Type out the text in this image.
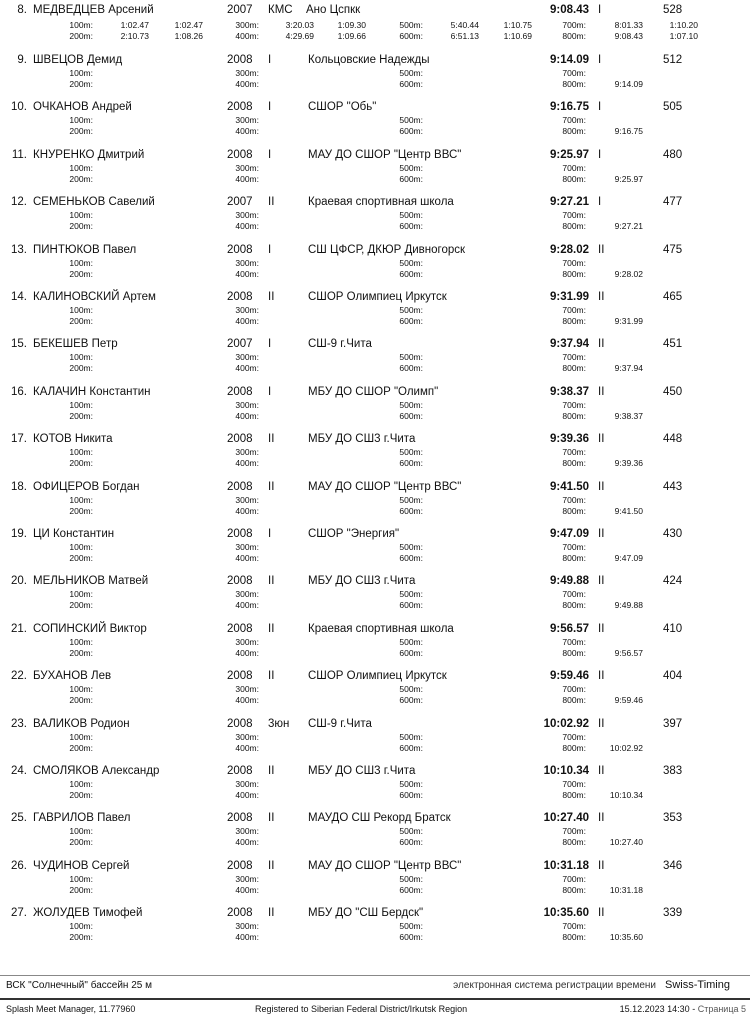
8. МЕДВЕДЦЕВ Арсений	2007 КМС Ано Цспкк	9:08.43 I	528
100m:	1:02.47	1:02.47
200m:	2:10.73	1:08.26
300m:	3:20.03	1:09.30
400m:	4:29.69	1:09.66
500m:	5:40.44	1:10.75
600m:	6:51.13	1:10.69
700m:	8:01.33	1:10.20
800m:	9:08.43	1:07.10
9. ШВЕЦОВ Демид	2008 I	Кольцовские Надежды	9:14.09 I	512
100m:
200m:
300m:
400m:
500m:
600m:
700m:
800m:	9:14.09
10. ОЧКАНОВ Андрей	2008 I	СШОР "Обь"	9:16.75 I	505
100m:
200m:
300m:
400m:
500m:
600m:
700m:
800m:	9:16.75
11. КНУРЕНКО Дмитрий	2008 I	МАУ ДО СШОР "Центр ВВС"	9:25.97 I	480
100m:
200m:
300m:
400m:
500m:
600m:
700m:
800m:	9:25.97
12. СЕМЕНЬКОВ Савелий	2007 II	Краевая спортивная школа	9:27.21 I	477
100m:
200m:
300m:
400m:
500m:
600m:
700m:
800m:	9:27.21
13. ПИНТЮКОВ Павел	2008 I	СШ ЦФСР, ДКЮР Дивногорск	9:28.02 II	475
100m:
200m:
300m:
400m:
500m:
600m:
700m:
800m:	9:28.02
14. КАЛИНОВСКИЙ Артем	2008 II	СШОР Олимпиец Иркутск	9:31.99 II	465
100m:
200m:
300m:
400m:
500m:
600m:
700m:
800m:	9:31.99
15. БЕКЕШЕВ Петр	2007 I	СШ-9 г.Чита	9:37.94 II	451
100m:
200m:
300m:
400m:
500m:
600m:
700m:
800m:	9:37.94
16. КАЛАЧИН Константин	2008 I	МБУ ДО СШОР "Олимп"	9:38.37 II	450
100m:
200m:
300m:
400m:
500m:
600m:
700m:
800m:	9:38.37
17. КОТОВ Никита	2008 II	МБУ ДО СШ3 г.Чита	9:39.36 II	448
100m:
200m:
300m:
400m:
500m:
600m:
700m:
800m:	9:39.36
18. ОФИЦЕРОВ Богдан	2008 II	МАУ ДО СШОР "Центр ВВС"	9:41.50 II	443
100m:
200m:
300m:
400m:
500m:
600m:
700m:
800m:	9:41.50
19. ЦИ Константин	2008 I	СШОР "Энергия"	9:47.09 II	430
100m:
200m:
300m:
400m:
500m:
600m:
700m:
800m:	9:47.09
20. МЕЛЬНИКОВ Матвей	2008 II	МБУ ДО СШ3 г.Чита	9:49.88 II	424
100m:
200m:
300m:
400m:
500m:
600m:
700m:
800m:	9:49.88
21. СОПИНСКИЙ Виктор	2008 II	Краевая спортивная школа	9:56.57 II	410
100m:
200m:
300m:
400m:
500m:
600m:
700m:
800m:	9:56.57
22. БУХАНОВ Лев	2008 II	СШОР Олимпиец Иркутск	9:59.46 II	404
100m:
200m:
300m:
400m:
500m:
600m:
700m:
800m:	9:59.46
23. ВАЛИКОВ Родион	2008 3юн СШ-9 г.Чита	10:02.92 II	397
100m:
200m:
300m:
400m:
500m:
600m:
700m:
800m:	10:02.92
24. СМОЛЯКОВ Александр	2008 II	МБУ ДО СШ3 г.Чита	10:10.34 II	383
100m:
200m:
300m:
400m:
500m:
600m:
700m:
800m:	10:10.34
25. ГАВРИЛОВ Павел	2008 II	МАУДО СШ Рекорд Братск	10:27.40 II	353
100m:
200m:
300m:
400m:
500m:
600m:
700m:
800m:	10:27.40
26. ЧУДИНОВ Сергей	2008 II	МАУ ДО СШОР "Центр ВВС"	10:31.18 II	346
100m:
200m:
300m:
400m:
500m:
600m:
700m:
800m:	10:31.18
27. ЖОЛУДЕВ Тимофей	2008 II	МБУ ДО "СШ Бердск"	10:35.60 II	339
100m:
200m:
300m:
400m:
500m:
600m:
700m:
800m:	10:35.60
ВСК "Солнечный" бассейн 25 м	электронная система регистрации времени Swiss-Timing
Splash Meet Manager, 11.77960	Registered to Siberian Federal District/Irkutsk Region	15.12.2023 14:30 - Страница 5
